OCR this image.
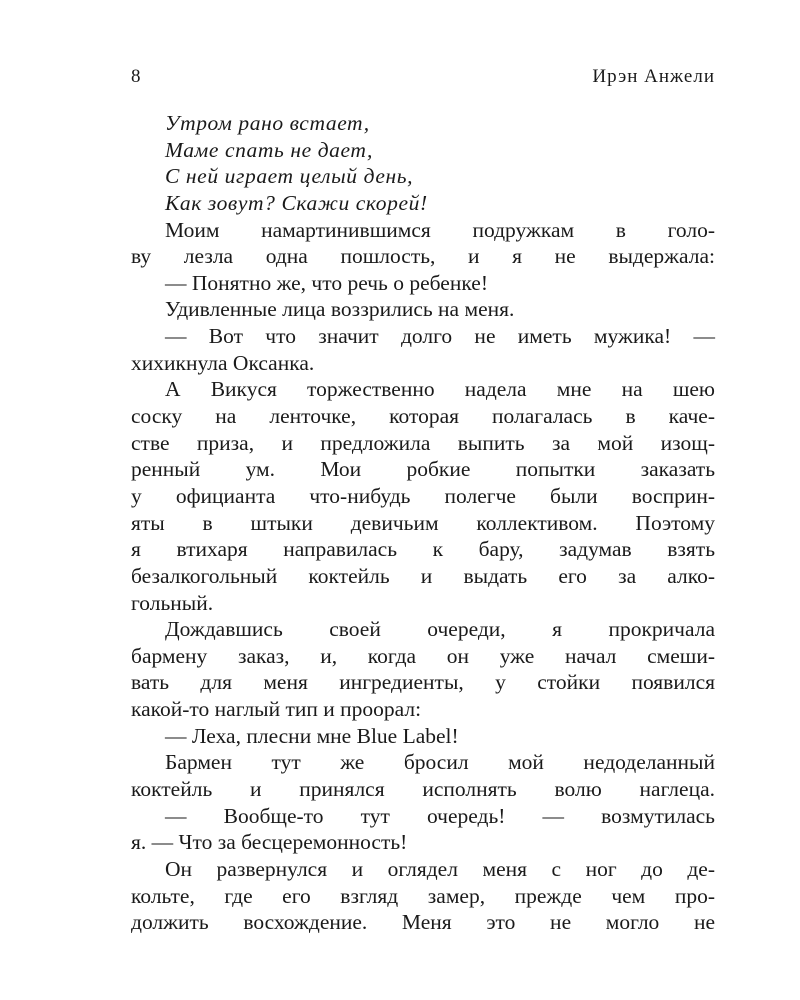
8	Ирэн Анжели
Утром рано встает,
Маме спать не дает,
С ней играет целый день,
Как зовут? Скажи скорей!
Моим намартинившимся подружкам в голо-
ву лезла одна пошлость, и я не выдержала:
— Понятно же, что речь о ребенке!
Удивленные лица воззрились на меня.
— Вот что значит долго не иметь мужика! —
хихикнула Оксанка.
А Викуся торжественно надела мне на шею
соску на ленточке, которая полагалась в каче-
стве приза, и предложила выпить за мой изощ-
ренный ум. Мои робкие попытки заказать
у официанта что-нибудь полегче были восприн-
яты в штыки девичьим коллективом. Поэтому
я втихаря направилась к бару, задумав взять
безалкогольный коктейль и выдать его за алко-
гольный.
Дождавшись своей очереди, я прокричала
бармену заказ, и, когда он уже начал смеши-
вать для меня ингредиенты, у стойки появился
какой-то наглый тип и проорал:
— Леха, плесни мне Blue Label!
Бармен тут же бросил мой недоделанный
коктейль и принялся исполнять волю наглеца.
— Вообще-то тут очередь! — возмутилась
я. — Что за бесцеремонность!
Он развернулся и оглядел меня с ног до де-
кольте, где его взгляд замер, прежде чем про-
должить восхождение. Меня это не могло не
